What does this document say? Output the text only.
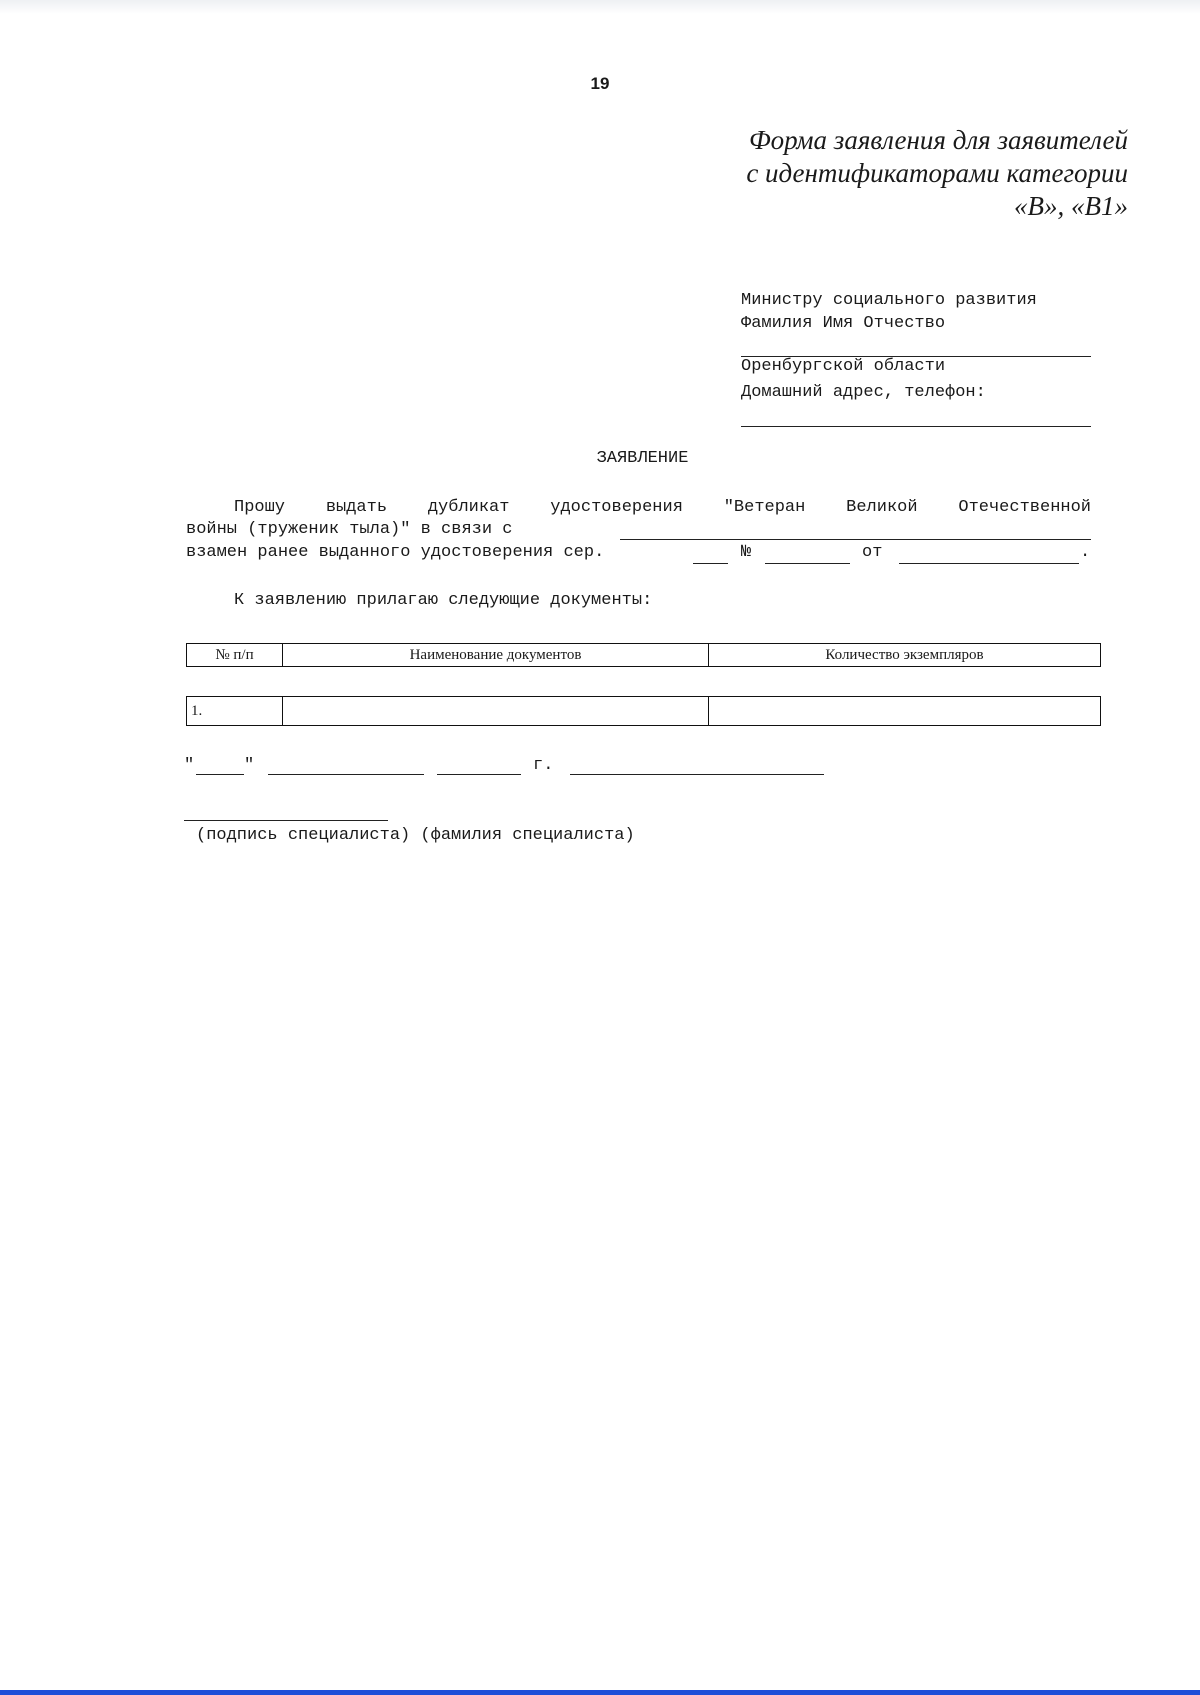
19
Форма заявления для заявителей
с идентификаторами категории
«В», «В1»

Министру социального развития

Оренбургской области

Фамилия Имя Отчество
Домашний адрес, телефон:
ЗАЯВЛЕНИЕ
Прошу выдать дубликат удостоверения "Ветеран Великой Отечественной
войны (труженик тыла)" в связи с
взамен ранее выданного удостоверения сер.	№	от	.
К заявлению прилагаю следующие документы:
№ п/п	Наименование документов	Количество экземпляров
1.		
"	"	г.
(подпись специалиста) (фамилия специалиста)
